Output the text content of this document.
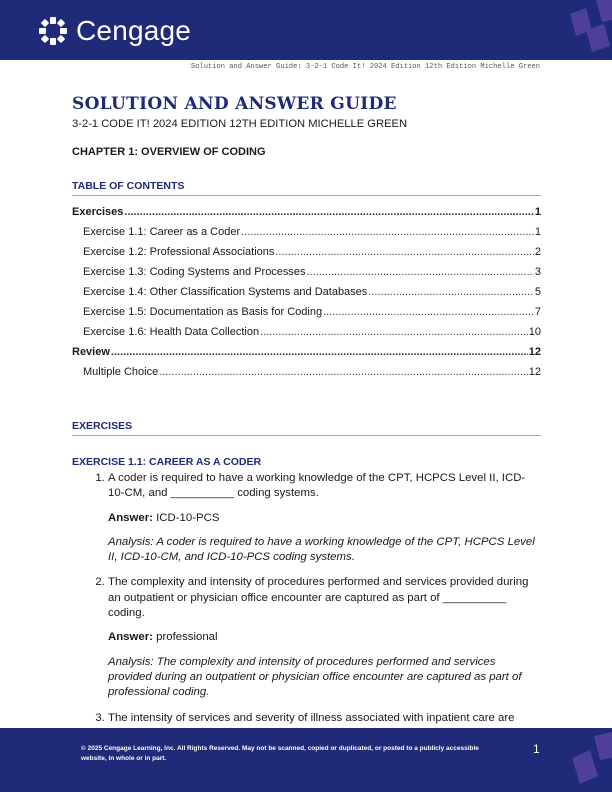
Cengage
Solution and Answer Guide: 3-2-1 Code It! 2024 Edition 12th Edition Michelle Green
SOLUTION AND ANSWER GUIDE
3-2-1 CODE IT! 2024 EDITION 12TH EDITION MICHELLE GREEN
CHAPTER 1: OVERVIEW OF CODING
TABLE OF CONTENTS
Exercises .....	1
Exercise 1.1: Career as a Coder .....	1
Exercise 1.2: Professional Associations .....	2
Exercise 1.3: Coding Systems and Processes .....	3
Exercise 1.4: Other Classification Systems and Databases .....	5
Exercise 1.5: Documentation as Basis for Coding .....	7
Exercise 1.6: Health Data Collection .....	10
Review .....	12
Multiple Choice .....	12
EXERCISES
EXERCISE 1.1: CAREER AS A CODER
1. A coder is required to have a working knowledge of the CPT, HCPCS Level II, ICD-10-CM, and __________ coding systems.
Answer: ICD-10-PCS
Analysis: A coder is required to have a working knowledge of the CPT, HCPCS Level II, ICD-10-CM, and ICD-10-PCS coding systems.
2. The complexity and intensity of procedures performed and services provided during an outpatient or physician office encounter are captured as part of __________ coding.
Answer: professional
Analysis: The complexity and intensity of procedures performed and services provided during an outpatient or physician office encounter are captured as part of professional coding.
3. The intensity of services and severity of illness associated with inpatient care are
© 2025 Cengage Learning, Inc. All Rights Reserved. May not be scanned, copied or duplicated, or posted to a publicly accessible website, in whole or in part.
1
